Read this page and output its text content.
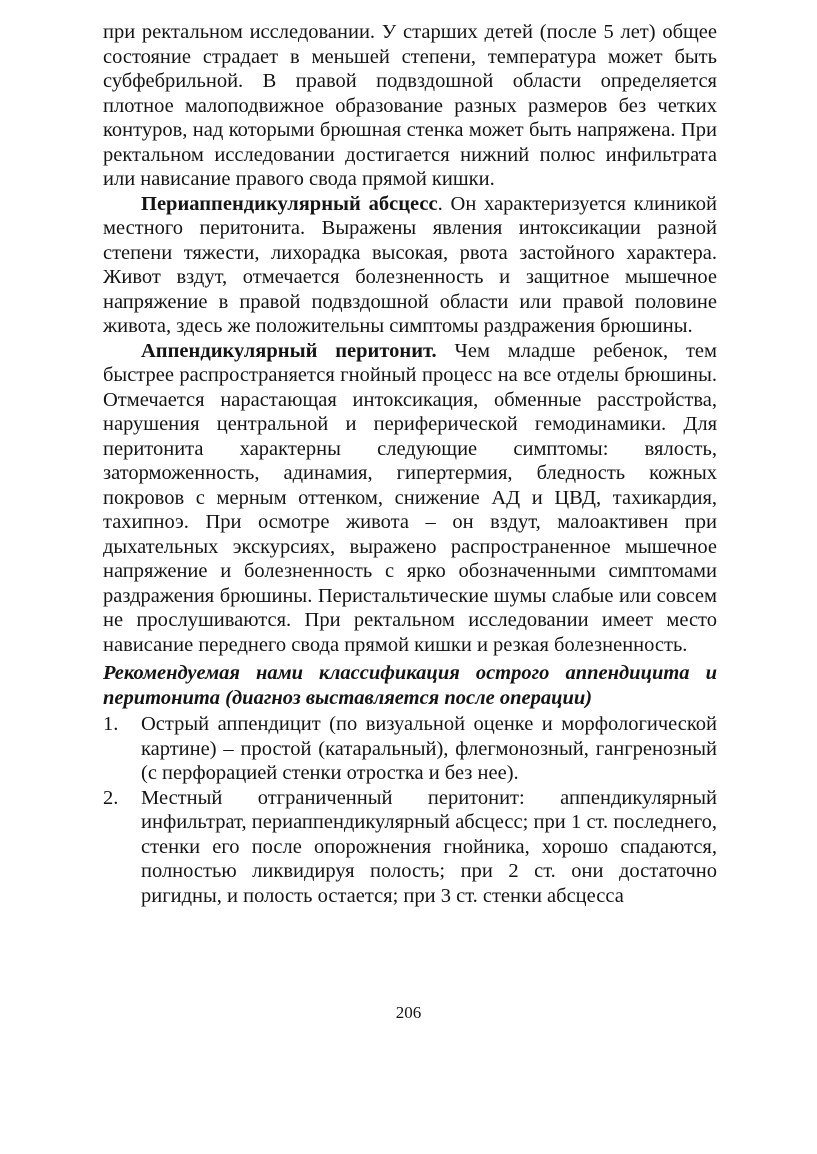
при ректальном исследовании. У старших детей (после 5 лет) общее состояние страдает в меньшей степени, температура может быть субфебрильной. В правой подвздошной области определяется плотное малоподвижное образование разных размеров без четких контуров, над которыми брюшная стенка может быть напряжена. При ректальном исследовании достигается нижний полюс инфильтрата или нависание правого свода прямой кишки.

Периаппендикулярный абсцесс. Он характеризуется клиникой местного перитонита. Выражены явления интоксикации разной степени тяжести, лихорадка высокая, рвота застойного характера. Живот вздут, отмечается болезненность и защитное мышечное напряжение в правой подвздошной области или правой половине живота, здесь же положительны симптомы раздражения брюшины.

Аппендикулярный перитонит. Чем младше ребенок, тем быстрее распространяется гнойный процесс на все отделы брюшины. Отмечается нарастающая интоксикация, обменные расстройства, нарушения центральной и периферической гемодинамики. Для перитонита характерны следующие симптомы: вялость, заторможенность, адинамия, гипертермия, бледность кожных покровов с мерным оттенком, снижение АД и ЦВД, тахикардия, тахипноэ. При осмотре живота – он вздут, малоактивен при дыхательных экскурсиях, выражено распространенное мышечное напряжение и болезненность с ярко обозначенными симптомами раздражения брюшины. Перистальтические шумы слабые или совсем не прослушиваются. При ректальном исследовании имеет место нависание переднего свода прямой кишки и резкая болезненность.

Рекомендуемая нами классификация острого аппендицита и перитонита (диагноз выставляется после операции)

1.	Острый аппендицит (по визуальной оценке и морфологической картине) – простой (катаральный), флегмонозный, гангренозный (с перфорацией стенки отростка и без нее).
2.	Местный отграниченный перитонит: аппендикулярный инфильтрат, периаппендикулярный абсцесс; при 1 ст. последнего, стенки его после опорожнения гнойника, хорошо спадаются, полностью ликвидируя полость; при 2 ст. они достаточно ригидны, и полость остается; при 3 ст. стенки абсцесса
206
